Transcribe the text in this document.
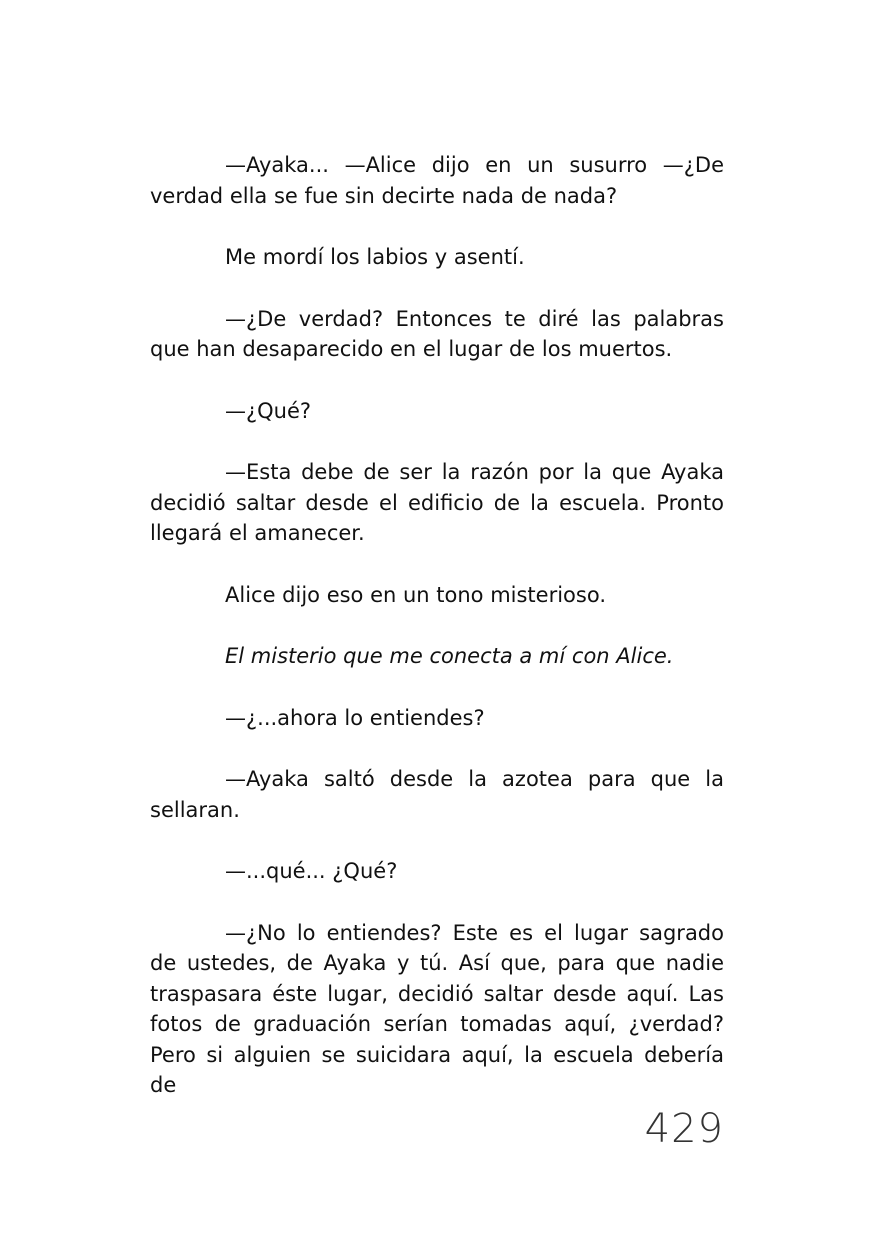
—Ayaka... —Alice dijo en un susurro —¿De verdad ella se fue sin decirte nada de nada?

Me mordí los labios y asentí.

—¿De verdad? Entonces te diré las palabras que han desaparecido en el lugar de los muertos.

—¿Qué?

—Esta debe de ser la razón por la que Ayaka decidió saltar desde el edificio de la escuela. Pronto llegará el amanecer.

Alice dijo eso en un tono misterioso.

El misterio que me conecta a mí con Alice.

—¿...ahora lo entiendes?

—Ayaka saltó desde la azotea para que la sellaran.

—...qué... ¿Qué?

—¿No lo entiendes? Este es el lugar sagrado de ustedes, de Ayaka y tú. Así que, para que nadie traspasara éste lugar, decidió saltar desde aquí. Las fotos de graduación serían tomadas aquí, ¿verdad? Pero si alguien se suicidara aquí, la escuela debería de

429
